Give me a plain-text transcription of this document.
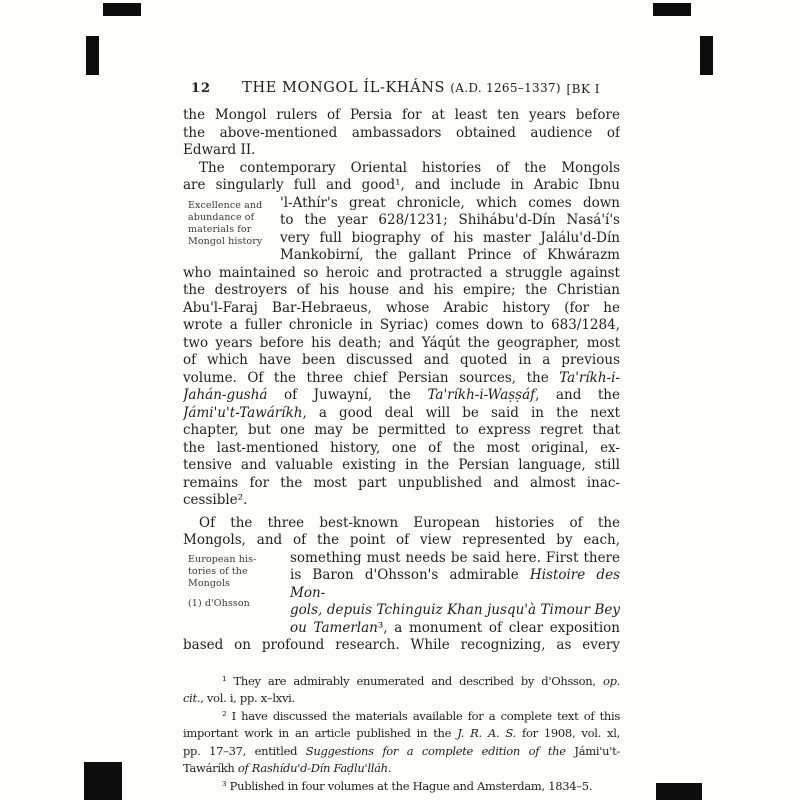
12	THE MONGOL ÍL-KHÁNS (A.D. 1265–1337) [BK I
the Mongol rulers of Persia for at least ten years before
the above-mentioned ambassadors obtained audience of
Edward II.
Excellence and
abundance of
materials for
Mongol history
The contemporary Oriental histories of the Mongols
are singularly full and good¹, and include in Arabic Ibnu
'l-Athír's great chronicle, which comes down
to the year 628/1231; Shihábu'd-Dín Nasá'í's
very full biography of his master Jalálu'd-Dín
Mankobirní, the gallant Prince of Khwárazm
who maintained so heroic and protracted a struggle against
the destroyers of his house and his empire; the Christian
Abu'l-Faraj Bar-Hebraeus, whose Arabic history (for he
wrote a fuller chronicle in Syriac) comes down to 683/1284,
two years before his death; and Yáqút the geographer, most
of which have been discussed and quoted in a previous
volume. Of the three chief Persian sources, the Ta'ríkh-i-
Jahán-gushá of Juwayní, the Ta'ríkh-i-Waṣṣáf, and the
Jámi'u't-Tawáríkh, a good deal will be said in the next
chapter, but one may be permitted to express regret that
the last-mentioned history, one of the most original, ex-
tensive and valuable existing in the Persian language, still
remains for the most part unpublished and almost inac-
cessible².
European his-
tories of the
Mongols
(1) d'Ohsson
Of the three best-known European histories of the
Mongols, and of the point of view represented by each,
something must needs be said here. First there
is Baron d'Ohsson's admirable Histoire des Mon-
gols, depuis Tchinguiz Khan jusqu'à Timour Bey
ou Tamerlan³, a monument of clear exposition
based on profound research. While recognizing, as every
¹ They are admirably enumerated and described by d'Ohsson, op.
cit., vol. i, pp. x–lxvi.
² I have discussed the materials available for a complete text of this
important work in an article published in the J. R. A. S. for 1908, vol. xl,
pp. 17–37, entitled Suggestions for a complete edition of the Jámi'u't-
Tawáríkh of Rashídu'd-Dín Faḍlu'lláh.
³ Published in four volumes at the Hague and Amsterdam, 1834–5.
